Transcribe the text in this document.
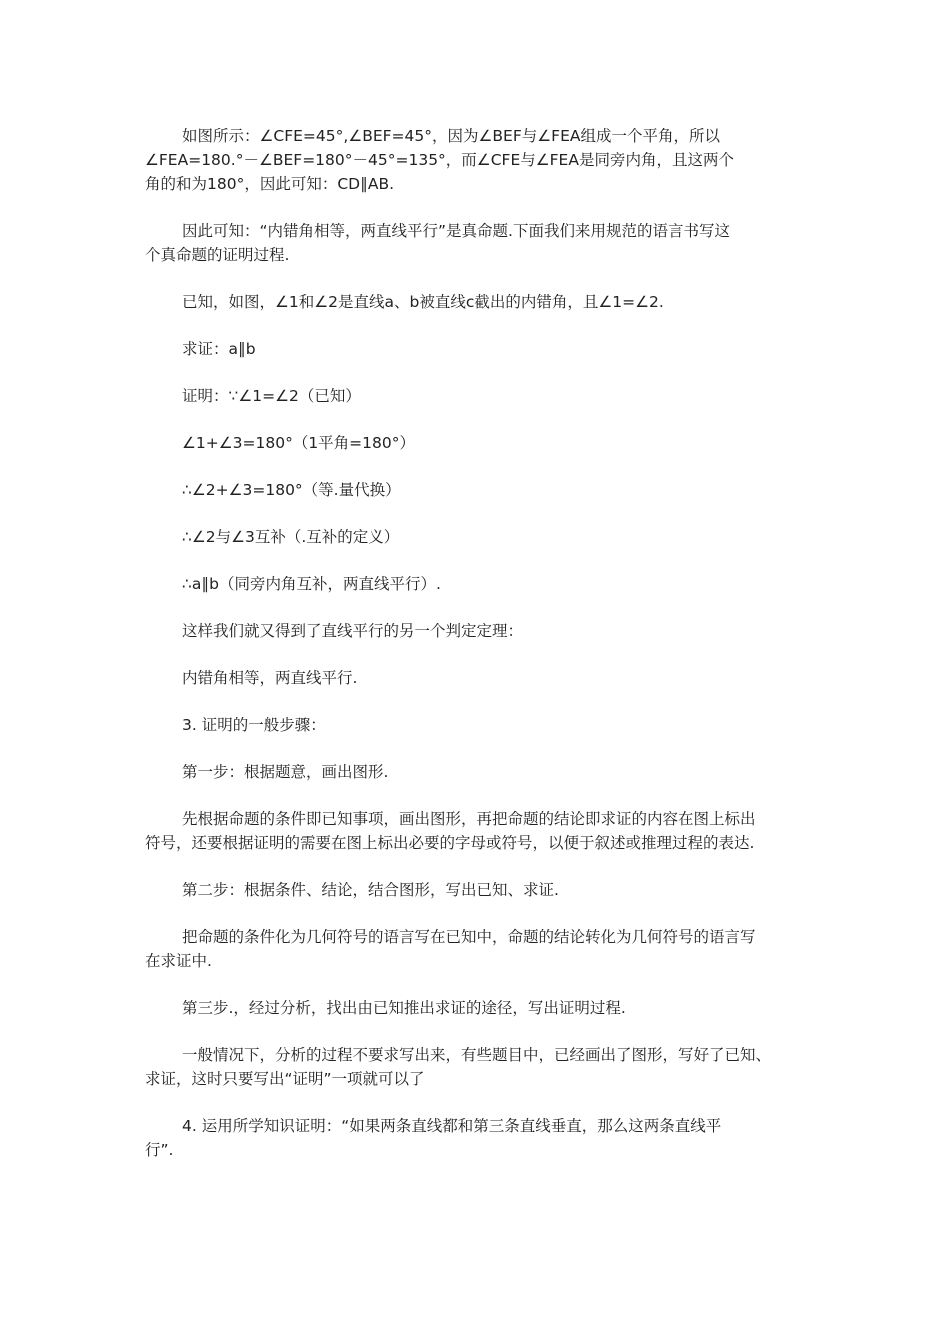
如图所示：∠CFE=45°,∠BEF=45°，因为∠BEF与∠FEA组成一个平角，所以
∠FEA=180.°－∠BEF=180°－45°=135°，而∠CFE与∠FEA是同旁内角，且这两个
角的和为180°，因此可知：CD∥AB.

因此可知：“内错角相等，两直线平行”是真命题.下面我们来用规范的语言书写这
个真命题的证明过程.

已知，如图，∠1和∠2是直线a、b被直线c截出的内错角，且∠1=∠2.

求证：a∥b

证明：∵∠1=∠2（已知）

∠1+∠3=180°（1平角=180°）

∴∠2+∠3=180°（等.量代换）

∴∠2与∠3互补（.互补的定义）

∴a∥b（同旁内角互补，两直线平行）.

这样我们就又得到了直线平行的另一个判定定理：

内错角相等，两直线平行.

3. 证明的一般步骤：

第一步：根据题意，画出图形.

先根据命题的条件即已知事项，画出图形，再把命题的结论即求证的内容在图上标出
符号，还要根据证明的需要在图上标出必要的字母或符号，以便于叙述或推理过程的表达.

第二步：根据条件、结论，结合图形，写出已知、求证.

把命题的条件化为几何符号的语言写在已知中，命题的结论转化为几何符号的语言写
在求证中.

第三步.，经过分析，找出由已知推出求证的途径，写出证明过程.

一般情况下，分析的过程不要求写出来，有些题目中，已经画出了图形，写好了已知、
求证，这时只要写出“证明”一项就可以了

4. 运用所学知识证明：“如果两条直线都和第三条直线垂直，那么这两条直线平
行”.
